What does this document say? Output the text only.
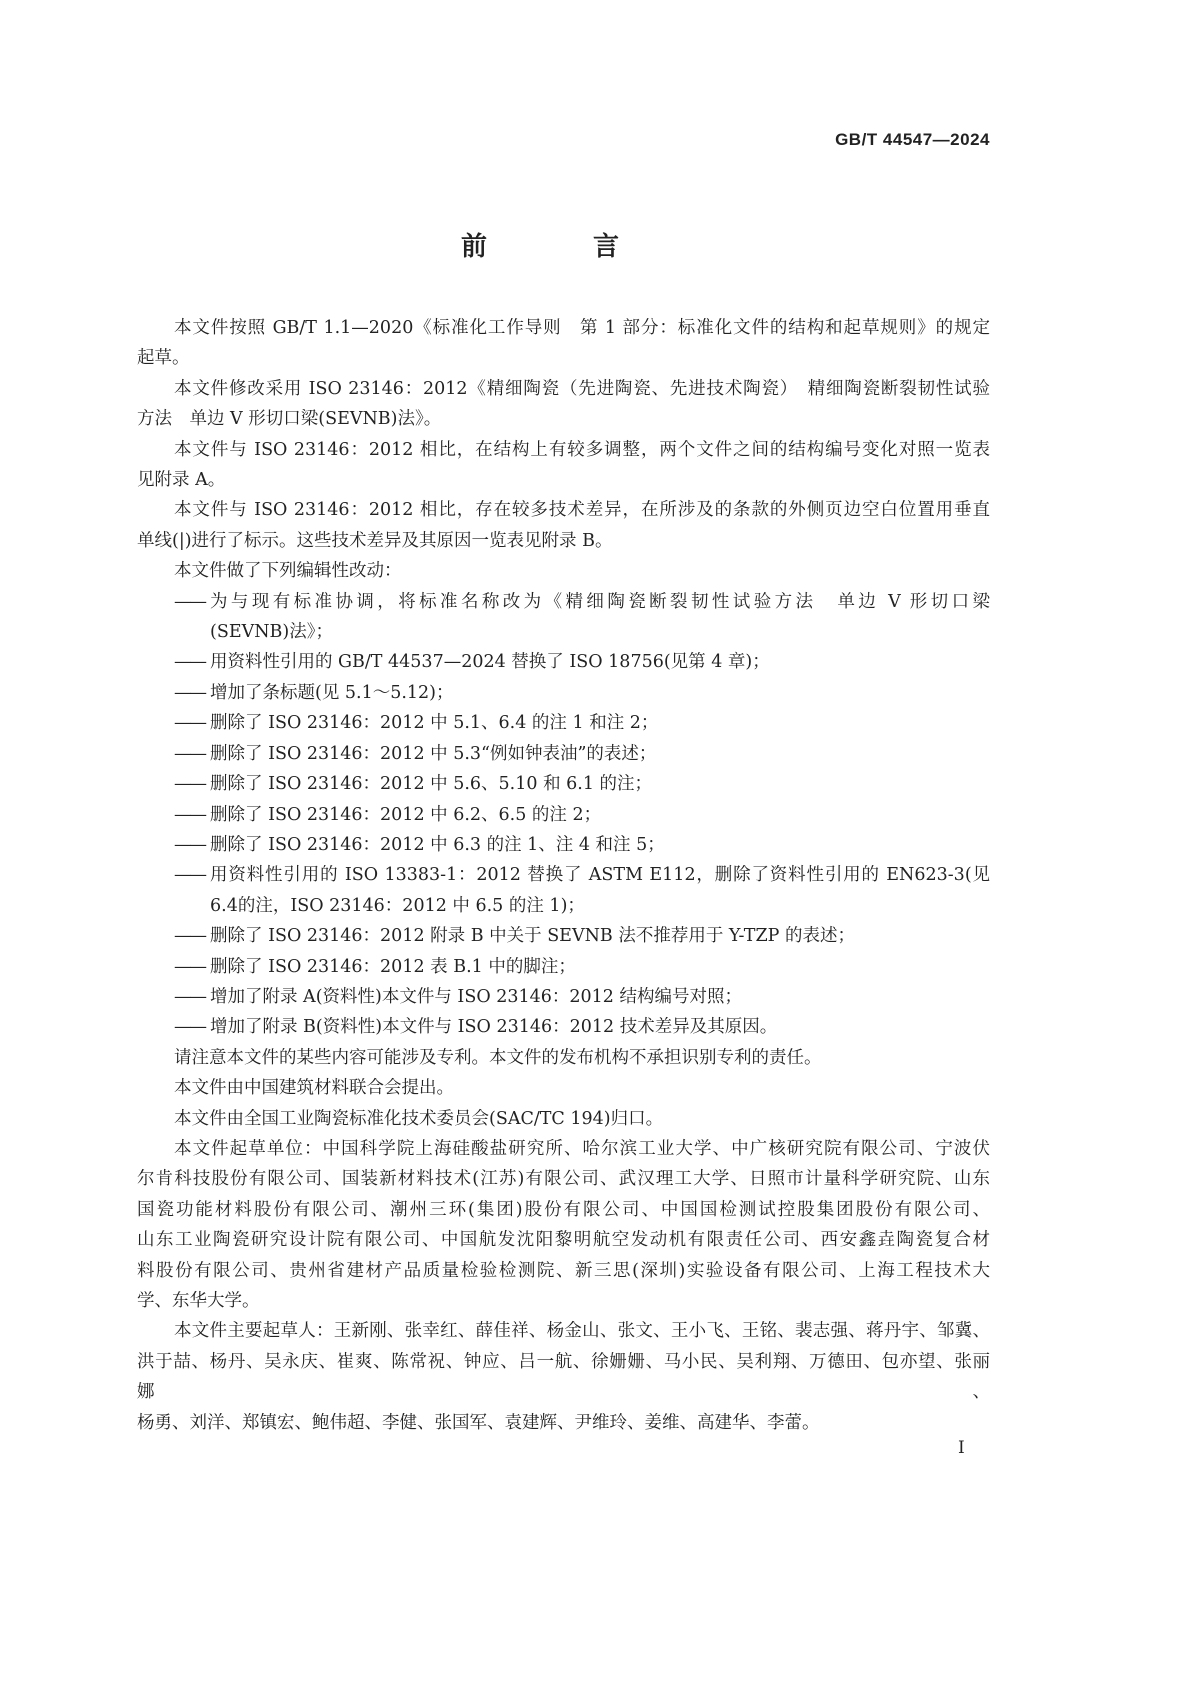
GB/T 44547—2024
前　言
本文件按照 GB/T 1.1—2020《标准化工作导则　第 1 部分：标准化文件的结构和起草规则》的规定
起草。
本文件修改采用 ISO 23146：2012《精细陶瓷（先进陶瓷、先进技术陶瓷）　精细陶瓷断裂韧性试验
方法　单边 V 形切口梁(SEVNB)法》。
本文件与 ISO 23146：2012 相比，在结构上有较多调整，两个文件之间的结构编号变化对照一览表
见附录 A。
本文件与 ISO 23146：2012 相比，存在较多技术差异，在所涉及的条款的外侧页边空白位置用垂直
单线(|)进行了标示。这些技术差异及其原因一览表见附录 B。
本文件做了下列编辑性改动：
—— 为与现有标准协调，将标准名称改为《精细陶瓷断裂韧性试验方法　单边 V 形切口梁
(SEVNB)法》；
—— 用资料性引用的 GB/T 44537—2024 替换了 ISO 18756(见第 4 章)；
—— 增加了条标题(见 5.1～5.12)；
—— 删除了 ISO 23146：2012 中 5.1、6.4 的注 1 和注 2；
—— 删除了 ISO 23146：2012 中 5.3“例如钟表油”的表述；
—— 删除了 ISO 23146：2012 中 5.6、5.10 和 6.1 的注；
—— 删除了 ISO 23146：2012 中 6.2、6.5 的注 2；
—— 删除了 ISO 23146：2012 中 6.3 的注 1、注 4 和注 5；
—— 用资料性引用的 ISO 13383-1：2012 替换了 ASTM E112，删除了资料性引用的 EN623-3(见
6.4的注，ISO 23146：2012 中 6.5 的注 1)；
—— 删除了 ISO 23146：2012 附录 B 中关于 SEVNB 法不推荐用于 Y-TZP 的表述；
—— 删除了 ISO 23146：2012 表 B.1 中的脚注；
—— 增加了附录 A(资料性)本文件与 ISO 23146：2012 结构编号对照；
—— 增加了附录 B(资料性)本文件与 ISO 23146：2012 技术差异及其原因。
请注意本文件的某些内容可能涉及专利。本文件的发布机构不承担识别专利的责任。
本文件由中国建筑材料联合会提出。
本文件由全国工业陶瓷标准化技术委员会(SAC/TC 194)归口。
本文件起草单位：中国科学院上海硅酸盐研究所、哈尔滨工业大学、中广核研究院有限公司、宁波伏
尔肯科技股份有限公司、国装新材料技术(江苏)有限公司、武汉理工大学、日照市计量科学研究院、山东
国瓷功能材料股份有限公司、潮州三环(集团)股份有限公司、中国国检测试控股集团股份有限公司、
山东工业陶瓷研究设计院有限公司、中国航发沈阳黎明航空发动机有限责任公司、西安鑫垚陶瓷复合材
料股份有限公司、贵州省建材产品质量检验检测院、新三思(深圳)实验设备有限公司、上海工程技术大
学、东华大学。
本文件主要起草人：王新刚、张幸红、薛佳祥、杨金山、张文、王小飞、王铭、裴志强、蒋丹宇、邹冀、
洪于喆、杨丹、吴永庆、崔爽、陈常祝、钟应、吕一航、徐姗姗、马小民、吴利翔、万德田、包亦望、张丽娜、
杨勇、刘洋、郑镇宏、鲍伟超、李健、张国军、袁建辉、尹维玲、姜维、高建华、李蕾。
I
